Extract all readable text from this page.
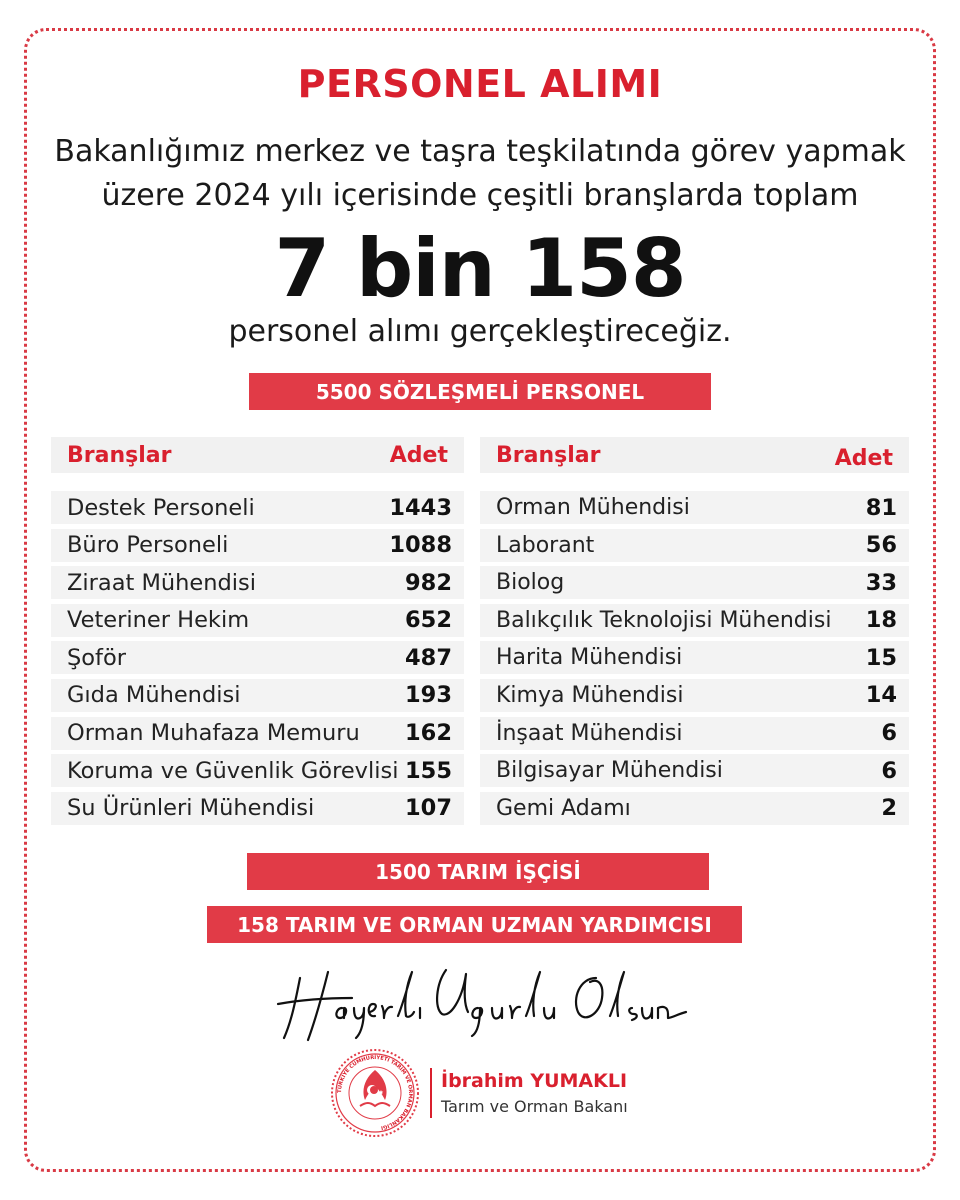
PERSONEL ALIMI

Bakanlığımız merkez ve taşra teşkilatında görev yapmak
üzere 2024 yılı içerisinde çeşitli branşlarda toplam

7 bin 158

personel alımı gerçekleştireceğiz.

5500 SÖZLEŞMELİ PERSONEL
Branşlar	Adet
Destek Personeli	1443
Büro Personeli	1088
Ziraat Mühendisi	982
Veteriner Hekim	652
Şoför	487
Gıda Mühendisi	193
Orman Muhafaza Memuru 162
Koruma ve Güvenlik Görevlisi 155
Su Ürünleri Mühendisi	107
Branşlar	Adet
Orman Mühendisi	81
Laborant	56
Biolog	33
Balıkçılık Teknolojisi Mühendisi 18
Harita Mühendisi	15
Kimya Mühendisi	14
İnşaat Mühendisi	6
Bilgisayar Mühendisi	6
Gemi Adamı	2
1500 TARIM İŞÇİSİ
158 TARIM VE ORMAN UZMAN YARDIMCISI
TÜRKİYE CUMHURİYETİ TARIM VE ORMAN BAKANLIĞI
İbrahim YUMAKLI
Tarım ve Orman Bakanı
